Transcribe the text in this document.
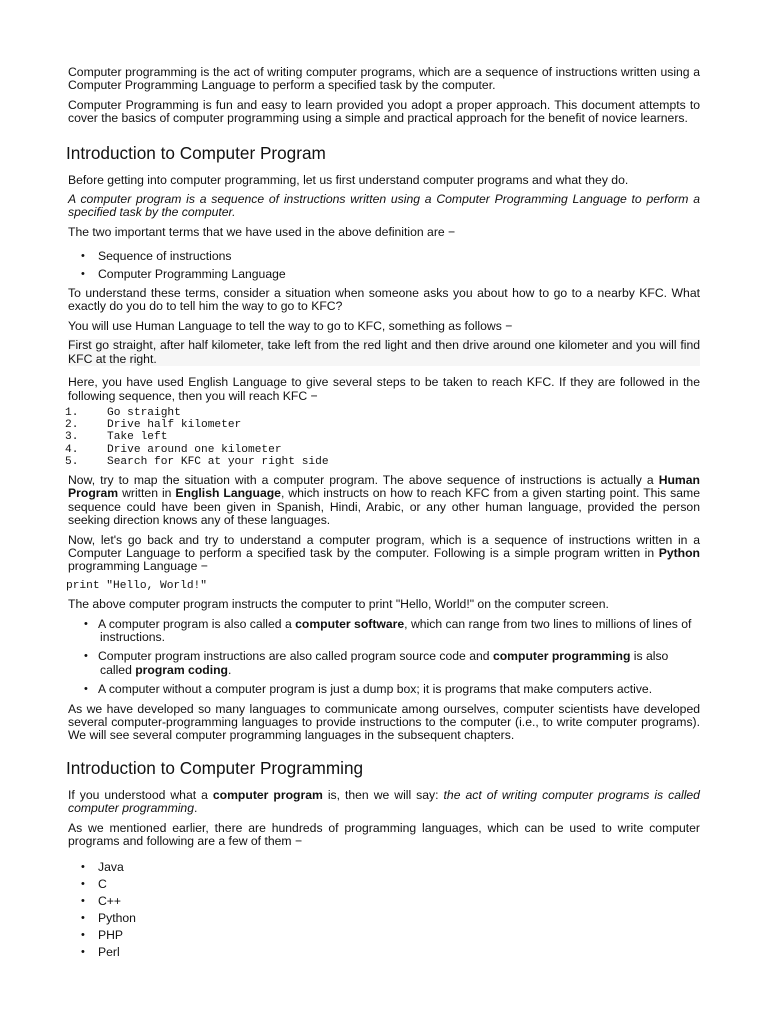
Computer programming is the act of writing computer programs, which are a sequence of instructions written using a Computer Programming Language to perform a specified task by the computer.

Computer Programming is fun and easy to learn provided you adopt a proper approach. This document attempts to cover the basics of computer programming using a simple and practical approach for the benefit of novice learners.

Introduction to Computer Program

Before getting into computer programming, let us first understand computer programs and what they do.

A computer program is a sequence of instructions written using a Computer Programming Language to perform a specified task by the computer.

The two important terms that we have used in the above definition are −

• Sequence of instructions
• Computer Programming Language

To understand these terms, consider a situation when someone asks you about how to go to a nearby KFC. What exactly do you do to tell him the way to go to KFC?

You will use Human Language to tell the way to go to KFC, something as follows −

First go straight, after half kilometer, take left from the red light and then drive around one kilometer and you will find KFC at the right.

Here, you have used English Language to give several steps to be taken to reach KFC. If they are followed in the following sequence, then you will reach KFC −

1.	Go straight
2.	Drive half kilometer
3.	Take left
4.	Drive around one kilometer
5.	Search for KFC at your right side

Now, try to map the situation with a computer program. The above sequence of instructions is actually a Human Program written in English Language, which instructs on how to reach KFC from a given starting point. This same sequence could have been given in Spanish, Hindi, Arabic, or any other human language, provided the person seeking direction knows any of these languages.

Now, let's go back and try to understand a computer program, which is a sequence of instructions written in a Computer Language to perform a specified task by the computer. Following is a simple program written in Python programming Language −

print "Hello, World!"

The above computer program instructs the computer to print "Hello, World!" on the computer screen.

• A computer program is also called a computer software, which can range from two lines to millions of lines of instructions.
• Computer program instructions are also called program source code and computer programming is also called program coding.
• A computer without a computer program is just a dump box; it is programs that make computers active.

As we have developed so many languages to communicate among ourselves, computer scientists have developed several computer-programming languages to provide instructions to the computer (i.e., to write computer programs). We will see several computer programming languages in the subsequent chapters.

Introduction to Computer Programming

If you understood what a computer program is, then we will say: the act of writing computer programs is called computer programming.

As we mentioned earlier, there are hundreds of programming languages, which can be used to write computer programs and following are a few of them −

• Java
• C
• C++
• Python
• PHP
• Perl
